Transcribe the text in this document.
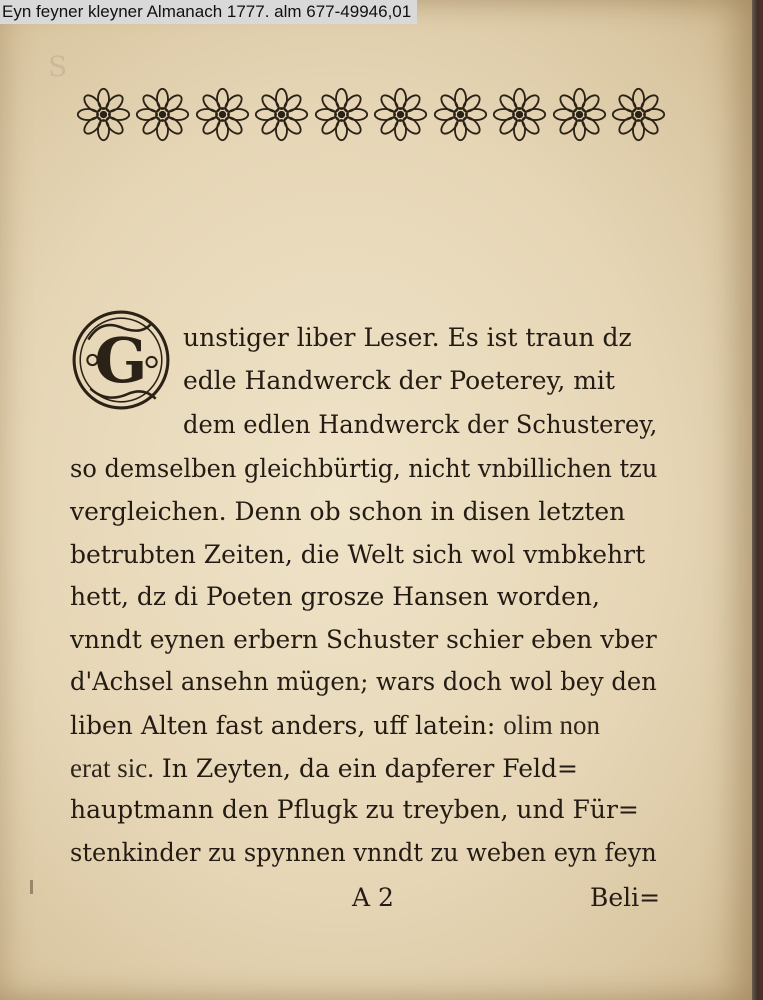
S
G	unstiger liber Leser. Es ist traun dz
edle Handwerck der Poeterey, mit
dem edlen Handwerck der Schusterey,
so demselben gleichbürtig, nicht vnbillichen tzu
vergleichen. Denn ob schon in disen letzten
betrubten Zeiten, die Welt sich wol vmbkehrt
hett, dz di Poeten grosze Hansen worden,
vnndt eynen erbern Schuster schier eben vber
d'Achsel ansehn mügen; wars doch wol bey den
liben Alten fast anders, uff latein: olim non
erat sic. In Zeyten, da ein dapferer Feld=
hauptmann den Pflugk zu treyben, und Für=
stenkinder zu spynnen vnndt zu weben eyn feyn
A 2	Beli=
Eyn feyner kleyner Almanach 1777. alm 677-49946,01
